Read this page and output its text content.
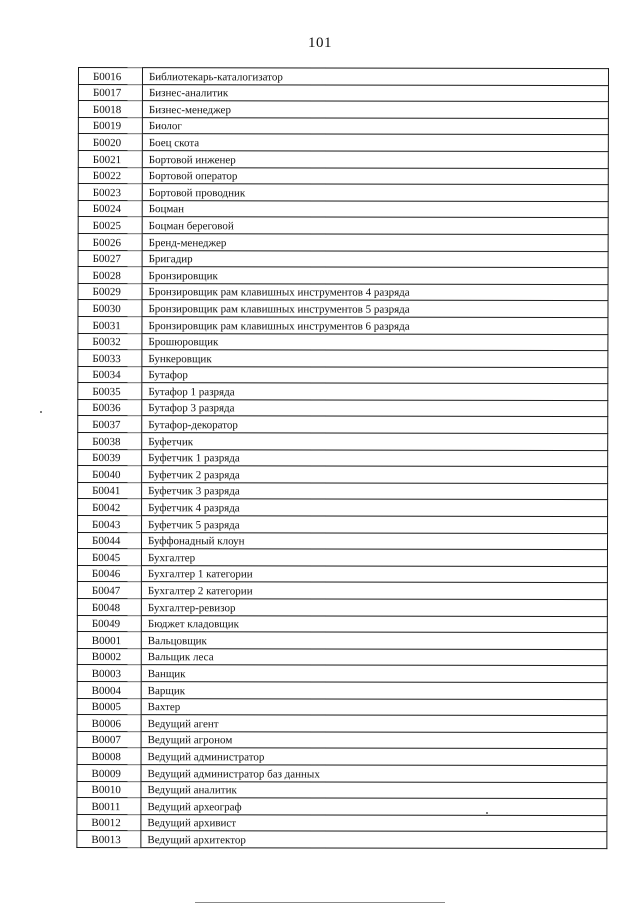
101
Б0016	Библиотекарь-каталогизатор
Б0017	Бизнес-аналитик
Б0018	Бизнес-менеджер
Б0019	Биолог
Б0020	Боец скота
Б0021	Бортовой инженер
Б0022	Бортовой оператор
Б0023	Бортовой проводник
Б0024	Боцман
Б0025	Боцман береговой
Б0026	Бренд-менеджер
Б0027	Бригадир
Б0028	Бронзировщик
Б0029	Бронзировщик рам клавишных инструментов 4 разряда
Б0030	Бронзировщик рам клавишных инструментов 5 разряда
Б0031	Бронзировщик рам клавишных инструментов 6 разряда
Б0032	Брошюровщик
Б0033	Бункеровщик
Б0034	Бутафор
Б0035	Бутафор 1 разряда
Б0036	Бутафор 3 разряда
Б0037	Бутафор-декоратор
Б0038	Буфетчик
Б0039	Буфетчик 1 разряда
Б0040	Буфетчик 2 разряда
Б0041	Буфетчик 3 разряда
Б0042	Буфетчик 4 разряда
Б0043	Буфетчик 5 разряда
Б0044	Буффонадный клоун
Б0045	Бухгалтер
Б0046	Бухгалтер 1 категории
Б0047	Бухгалтер 2 категории
Б0048	Бухгалтер-ревизор
Б0049	Бюджет кладовщик
В0001	Вальцовщик
В0002	Вальщик леса
В0003	Ванщик
В0004	Варщик
В0005	Вахтер
В0006	Ведущий агент
В0007	Ведущий агроном
В0008	Ведущий администратор
В0009	Ведущий администратор баз данных
В0010	Ведущий аналитик
В0011	Ведущий археограф
В0012	Ведущий архивист
В0013	Ведущий архитектор
